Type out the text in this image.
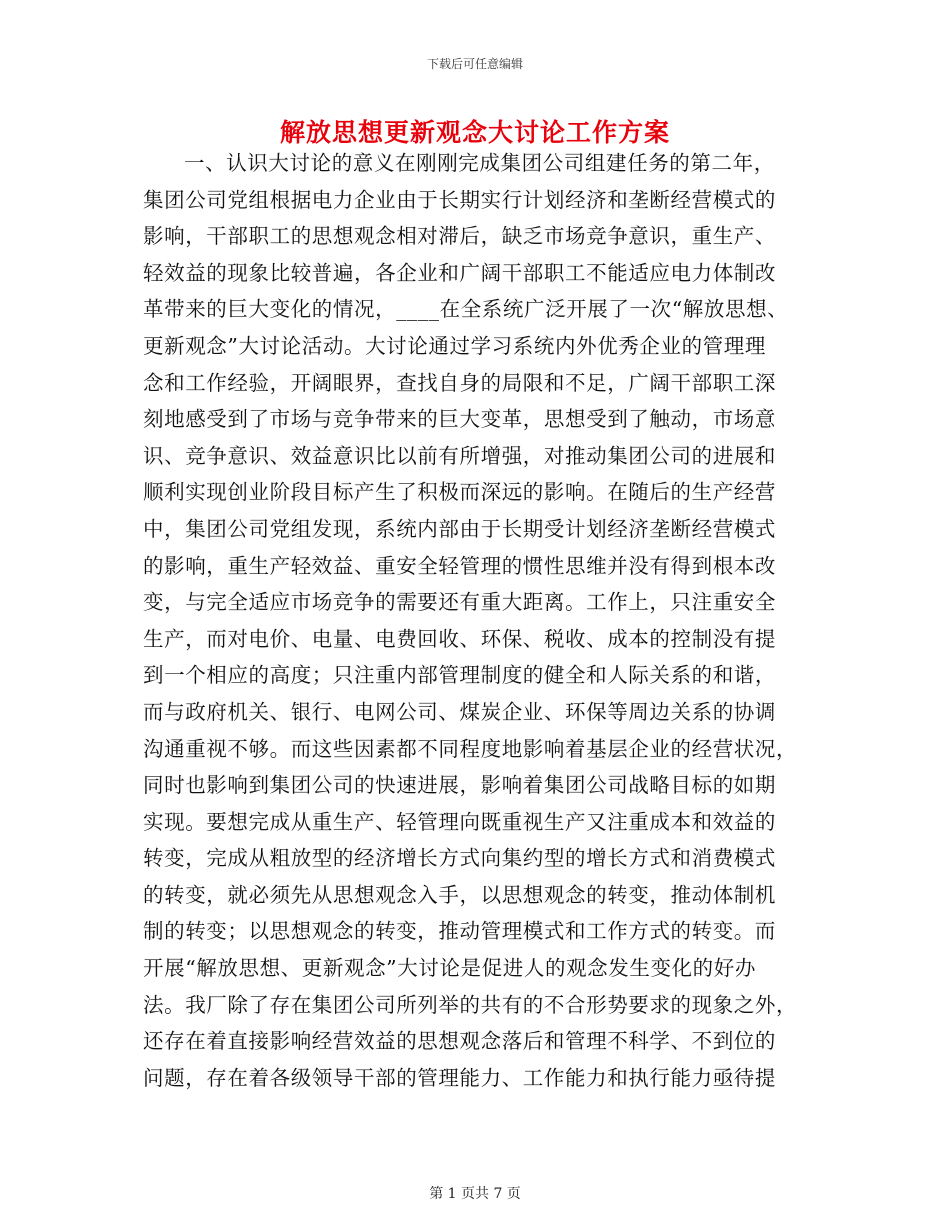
下载后可任意编辑
解放思想更新观念大讨论工作方案
一、认识大讨论的意义在刚刚完成集团公司组建任务的第二年，
集团公司党组根据电力企业由于长期实行计划经济和垄断经营模式的
影响，干部职工的思想观念相对滞后，缺乏市场竞争意识，重生产、
轻效益的现象比较普遍，各企业和广阔干部职工不能适应电力体制改
革带来的巨大变化的情况，____在全系统广泛开展了一次“解放思想、
更新观念”大讨论活动。大讨论通过学习系统内外优秀企业的管理理
念和工作经验，开阔眼界，查找自身的局限和不足，广阔干部职工深
刻地感受到了市场与竞争带来的巨大变革，思想受到了触动，市场意
识、竞争意识、效益意识比以前有所增强，对推动集团公司的进展和
顺利实现创业阶段目标产生了积极而深远的影响。在随后的生产经营
中，集团公司党组发现，系统内部由于长期受计划经济垄断经营模式
的影响，重生产轻效益、重安全轻管理的惯性思维并没有得到根本改
变，与完全适应市场竞争的需要还有重大距离。工作上，只注重安全
生产，而对电价、电量、电费回收、环保、税收、成本的控制没有提
到一个相应的高度；只注重内部管理制度的健全和人际关系的和谐，
而与政府机关、银行、电网公司、煤炭企业、环保等周边关系的协调
沟通重视不够。而这些因素都不同程度地影响着基层企业的经营状况，
同时也影响到集团公司的快速进展，影响着集团公司战略目标的如期
实现。要想完成从重生产、轻管理向既重视生产又注重成本和效益的
转变，完成从粗放型的经济增长方式向集约型的增长方式和消费模式
的转变，就必须先从思想观念入手，以思想观念的转变，推动体制机
制的转变；以思想观念的转变，推动管理模式和工作方式的转变。而
开展“解放思想、更新观念”大讨论是促进人的观念发生变化的好办
法。我厂除了存在集团公司所列举的共有的不合形势要求的现象之外，
还存在着直接影响经营效益的思想观念落后和管理不科学、不到位的
问题，存在着各级领导干部的管理能力、工作能力和执行能力亟待提
第 1 页共 7 页
